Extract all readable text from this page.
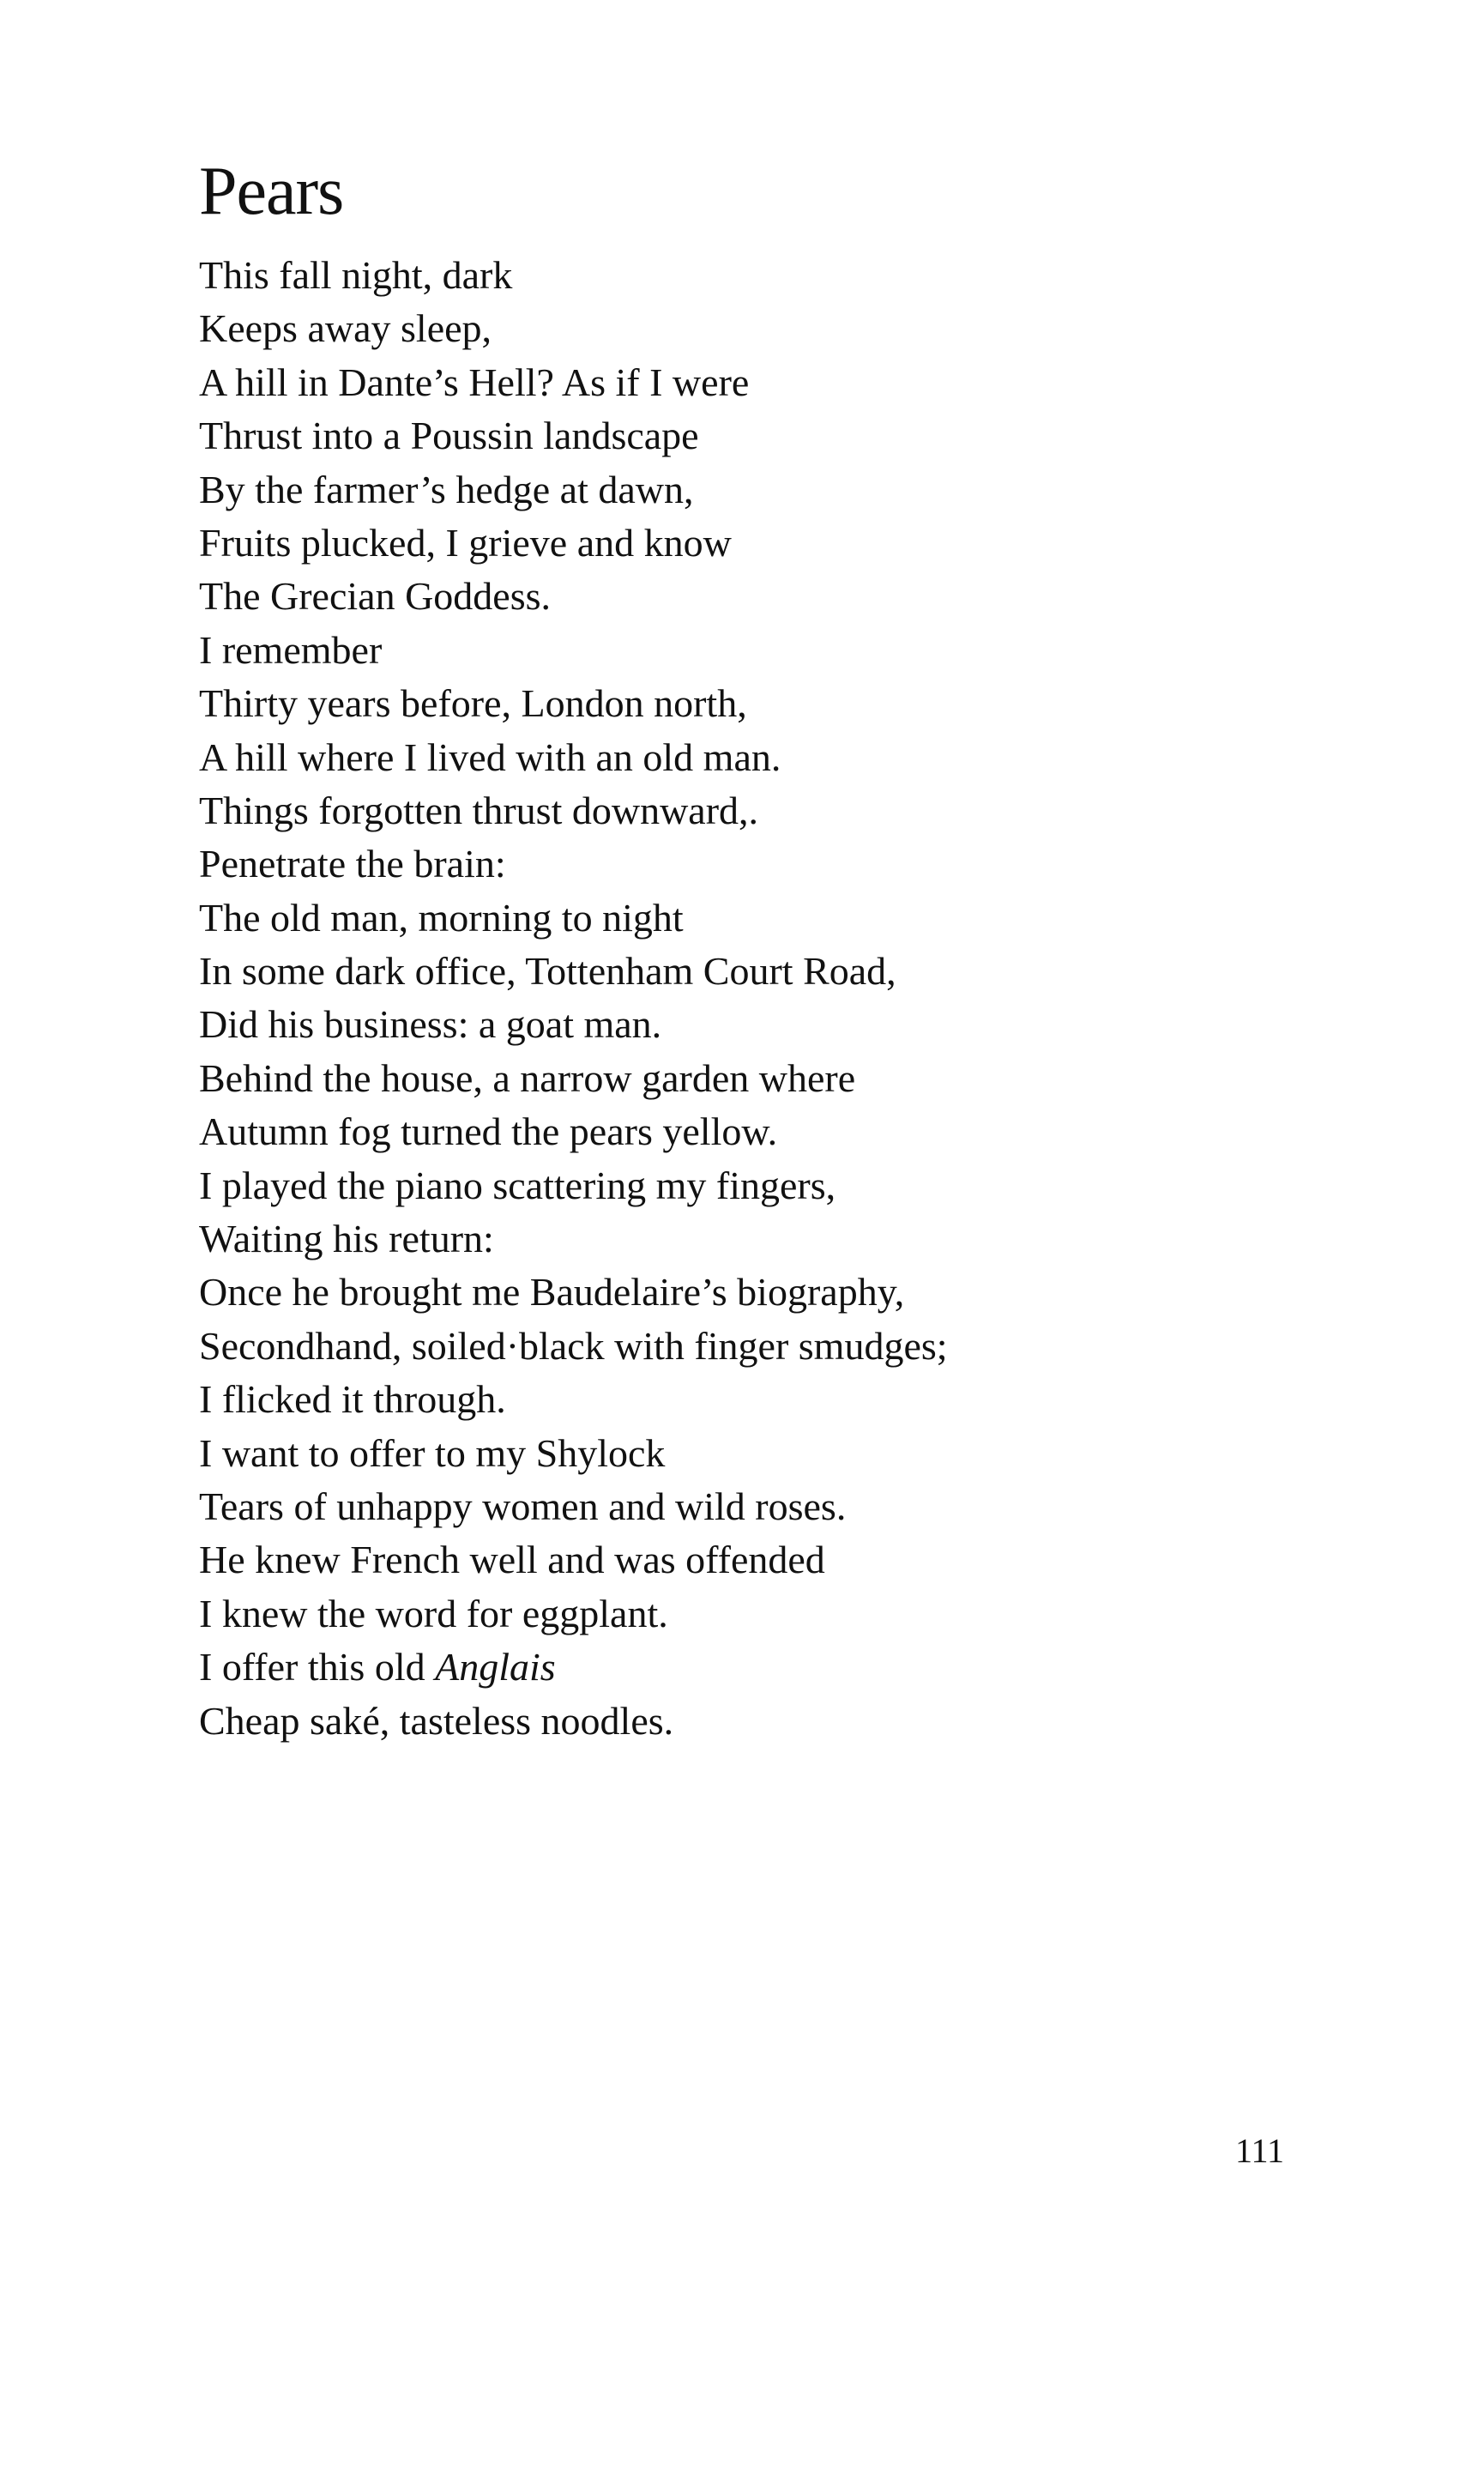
Pears
This fall night, dark
Keeps away sleep,
A hill in Dante’s Hell? As if I were
Thrust into a Poussin landscape
By the farmer’s hedge at dawn,
Fruits plucked, I grieve and know
The Grecian Goddess.
I remember
Thirty years before, London north,
A hill where I lived with an old man.
Things forgotten thrust downward,.
Penetrate the brain:
The old man, morning to night
In some dark office, Tottenham Court Road,
Did his business: a goat man.
Behind the house, a narrow garden where
Autumn fog turned the pears yellow.
I played the piano scattering my fingers,
Waiting his return:
Once he brought me Baudelaire’s biography,
Secondhand, soiled·black with finger smudges;
I flicked it through.
I want to offer to my Shylock
Tears of unhappy women and wild roses.
He knew French well and was offended
I knew the word for eggplant.
I offer this old Anglais
Cheap saké, tasteless noodles.
111
